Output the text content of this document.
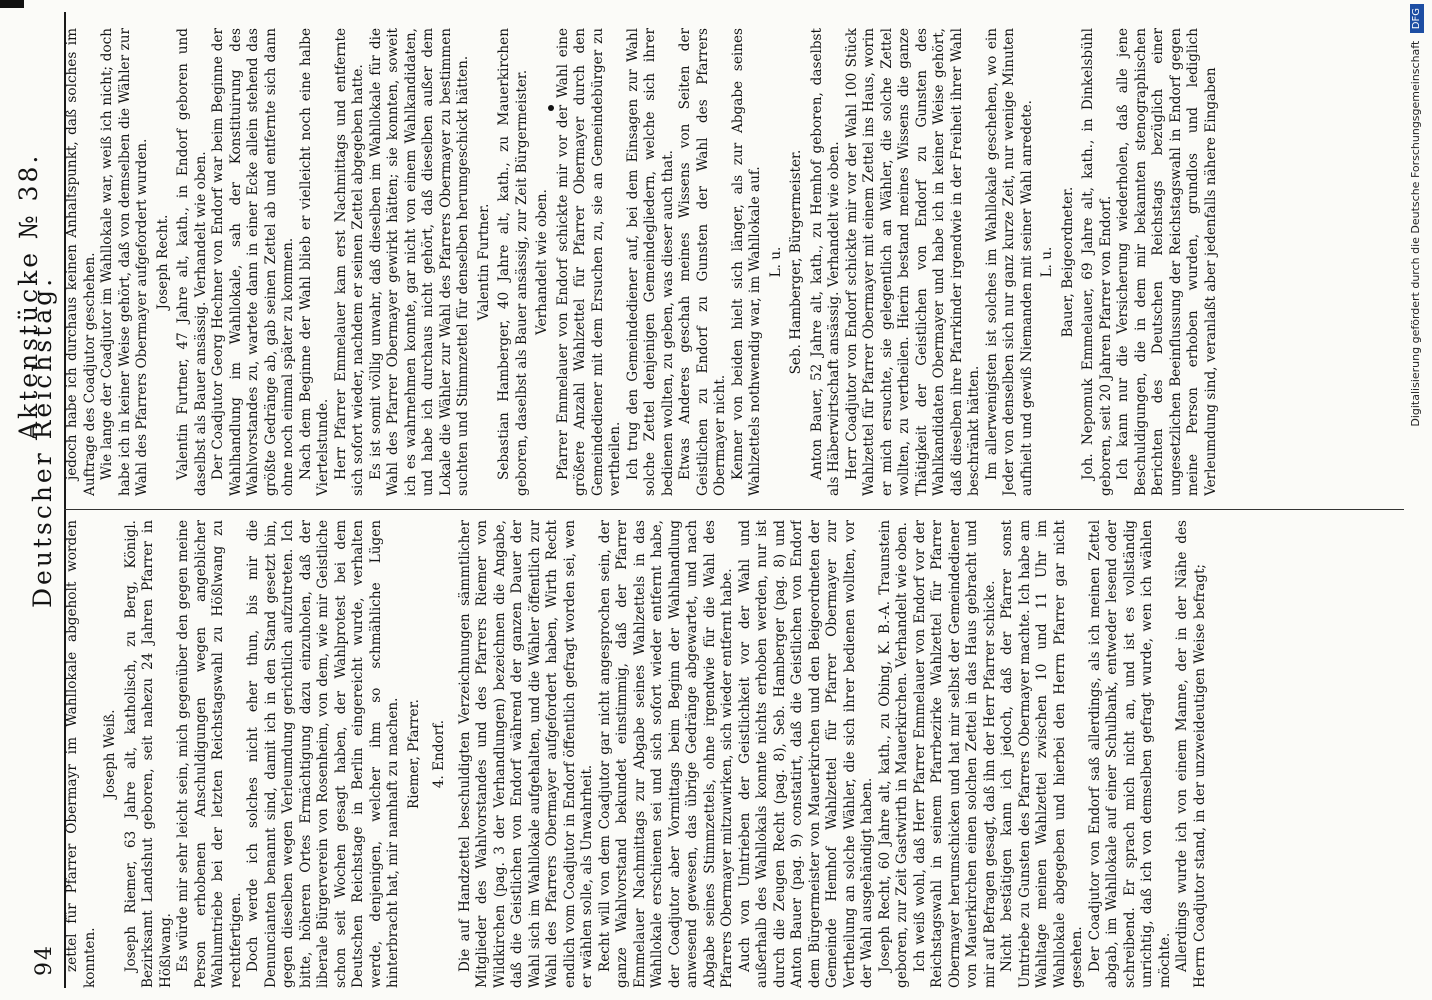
94
Deutscher Reichstag.

zettel für Pfarrer Obermayr im Wahllokale abgeholt worden konnten.

Joseph Weiß. Joseph Riemer, 63 Jahre alt, katholisch, zu Berg, Königl. Bezirksamt Landshut geboren, seit nahezu 24 Jahren Pfarrer in Hößlwang. Es würde mir sehr leicht sein, mich gegenüber den gegen meine Person erhobenen Anschuldigungen wegen angeblicher Wahlumtriebe bei der letzten Reichstagswahl zu Hößlwang zu rechtfertigen. Doch werde ich solches nicht eher thun, bis mir die Denuncianten benannt sind, damit ich in den Stand gesetzt bin, gegen dieselben wegen Verleumdung gerichtlich aufzutreten. Ich bitte, höheren Ortes Ermächtigung dazu einzuholen, daß der liberale Bürgerverein von Rosenheim, von dem, wie mir Geistliche schon seit Wochen gesagt haben, der Wahlprotest bei dem Deutschen Reichstage in Berlin eingereicht wurde, verhalten werde, denjenigen, welcher ihm so schmähliche Lügen hinterbracht hat, mir namhaft zu machen. Riemer, Pfarrer. 4. Endorf. Die auf Handzettel beschuldigten Verzeichnungen sämmtlicher Mitglieder des Wahlvorstandes und des Pfarrers Riemer von Wildkirchen (pag. 3 der Verhandlungen) bezeichnen die Angabe, daß die Geistlichen von Endorf während der ganzen Dauer der Wahl sich im Wahllokale aufgehalten, und die Wähler öffentlich zur Wahl des Pfarrers Obermayer aufgefordert haben, Wirth Recht endlich vom Coadjutor in Endorf öffentlich gefragt worden sei, wen er wählen solle, als Unwahrheit. Recht will von dem Coadjutor gar nicht angesprochen sein, der ganze Wahlvorstand bekundet einstimmig, daß der Pfarrer Emmelauer Nachmittags zur Abgabe seines Wahlzettels in das Wahllokale erschienen sei und sich sofort wieder entfernt habe, der Coadjutor aber Vormittags beim Beginn der Wahlhandlung anwesend gewesen, das übrige Gedränge abgewartet, und nach Abgabe seines Stimmzettels, ohne irgendwie für die Wahl des Pfarrers Obermayer mitzuwirken, sich wieder entfernt habe. Auch von Umtrieben der Geistlichkeit vor der Wahl und außerhalb des Wahllokals konnte nichts erhoben werden, nur ist durch die Zeugen Recht (pag. 8), Seb. Hamberger (pag. 8) und Anton Bauer (pag. 9) constatirt, daß die Geistlichen von Endorf dem Bürgermeister von Mauerkirchen und den Beigeordneten der Gemeinde Hemhof Wahlzettel für Pfarrer Obermayer zur Vertheilung an solche Wähler, die sich ihrer bedienen wollten, vor der Wahl ausgehändigt haben. Joseph Recht, 60 Jahre alt, kath., zu Obing, K. B.-A. Traunstein geboren, zur Zeit Gastwirth in Mauerkirchen. Verhandelt wie oben. Ich weiß wohl, daß Herr Pfarrer Emmelauer von Endorf vor der Reichstagswahl in seinem Pfarrbezirke Wahlzettel für Pfarrer Obermayer herumschicken und hat mir selbst der Gemeindediener von Mauerkirchen einen solchen Zettel in das Haus gebracht und mir auf Befragen gesagt, daß ihn der Herr Pfarrer schicke. Nicht bestätigen kann ich jedoch, daß der Pfarrer sonst Umtriebe zu Gunsten des Pfarrers Obermayer machte. Ich habe am Wahltage meinen Wahlzettel zwischen 10 und 11 Uhr im Wahllokale abgegeben und hierbei den Herrn Pfarrer gar nicht gesehen. Der Coadjutor von Endorf saß allerdings, als ich meinen Zettel abgab, im Wahllokale auf einer Schulbank, entweder lesend oder schreibend. Er sprach mich nicht an, und ist es vollständig unrichtig, daß ich von demselben gefragt wurde, wen ich wählen möchte. Allerdings wurde ich von einem Manne, der in der Nähe des Herrn Coadjutor stand, in der unzweideutigen Weise befragt;

jedoch habe ich durchaus keinen Anhaltspunkt, daß solches im Auftrage des Coadjutor geschehen. Wie lange der Coadjutor im Wahllokale war, weiß ich nicht; doch habe ich in keiner Weise gehört, daß von demselben die Wähler zur Wahl des Pfarrers Obermayer aufgefordert wurden. Joseph Recht. Valentin Furtner, 47 Jahre alt, kath., in Endorf geboren und daselbst als Bauer ansässig. Verhandelt wie oben. Der Coadjutor Georg Hechner von Endorf war beim Beginne der Wahlhandlung im Wahllokale, sah der Konstituirung des Wahlvorstandes zu, wartete dann in einer Ecke allein stehend das größte Gedränge ab, gab seinen Zettel ab und entfernte sich dann ohne noch einmal später zu kommen. Nach dem Beginne der Wahl blieb er vielleicht noch eine halbe Viertelstunde. Herr Pfarrer Emmelauer kam erst Nachmittags und entfernte sich sofort wieder, nachdem er seinen Zettel abgegeben hatte. Es ist somit völlig unwahr, daß dieselben im Wahllokale für die Wahl des Pfarrer Obermayer gewirkt hätten; sie konnten, soweit ich es wahrnehmen konnte, gar nicht von einem Wahlkandidaten, und habe ich durchaus nicht gehört, daß dieselben außer dem Lokale die Wähler zur Wahl des Pfarrers Obermayer zu bestimmen suchten und Stimmzettel für denselben herumgeschickt hätten. Valentin Furtner. Sebastian Hamberger, 40 Jahre alt, kath., zu Mauerkirchen geboren, daselbst als Bauer ansässig, zur Zeit Bürgermeister. Verhandelt wie oben. Pfarrer Emmelauer von Endorf schickte mir vor der Wahl eine größere Anzahl Wahlzettel für Pfarrer Obermayer durch den Gemeindediener mit dem Ersuchen zu, sie an Gemeindebürger zu vertheilen. Ich trug den Gemeindediener auf, bei dem Einsagen zur Wahl solche Zettel denjenigen Gemeindegliedern, welche sich ihrer bedienen wollten, zu geben, was dieser auch that. Etwas Anderes geschah meines Wissens von Seiten der Geistlichen zu Endorf zu Gunsten der Wahl des Pfarrers Obermayer nicht. Kenner von beiden hielt sich länger, als zur Abgabe seines Wahlzettels nothwendig war, im Wahllokale auf. L. u. Seb. Hamberger, Bürgermeister. Anton Bauer, 52 Jahre alt, kath., zu Hemhof geboren, daselbst als Häberwirtschaft ansässig. Verhandelt wie oben. Herr Coadjutor von Endorf schickte mir vor der Wahl 100 Stück Wahlzettel für Pfarrer Obermayer mit einem Zettel ins Haus, worin er mich ersuchte, sie gelegentlich an Wähler, die solche Zettel wollten, zu vertheilen. Hierin bestand meines Wissens die ganze Thätigkeit der Geistlichen von Endorf zu Gunsten des Wahlkandidaten Obermayer und habe ich in keiner Weise gehört, daß dieselben ihre Pfarrkinder irgendwie in der Freiheit ihrer Wahl beschränkt hätten. Im allerwenigsten ist solches im Wahllokale geschehen, wo ein Jeder von denselben sich nur ganz kurze Zeit, nur wenige Minuten aufhielt und gewiß Niemanden mit seiner Wahl anredete. L. u. Bauer, Beigeordneter. Joh. Nepomuk Emmelauer, 69 Jahre alt, kath., in Dinkelsbühl geboren, seit 20 Jahren Pfarrer von Endorf. Ich kann nur die Versicherung wiederholen, daß alle jene Beschuldigungen, die in dem mir bekannten stenographischen Berichten des Deutschen Reichstags bezüglich einer ungesetzlichen Beeinflussung der Reichstagswahl in Endorf gegen meine Person erhoben wurden, grundlos und lediglich Verleumdung sind, veranlaßt aber jedenfalls nähere Eingaben

Aktenstücke № 38.	Digitalisierung gefördert durch die Deutsche Forschungsgemeinschaft DFG
